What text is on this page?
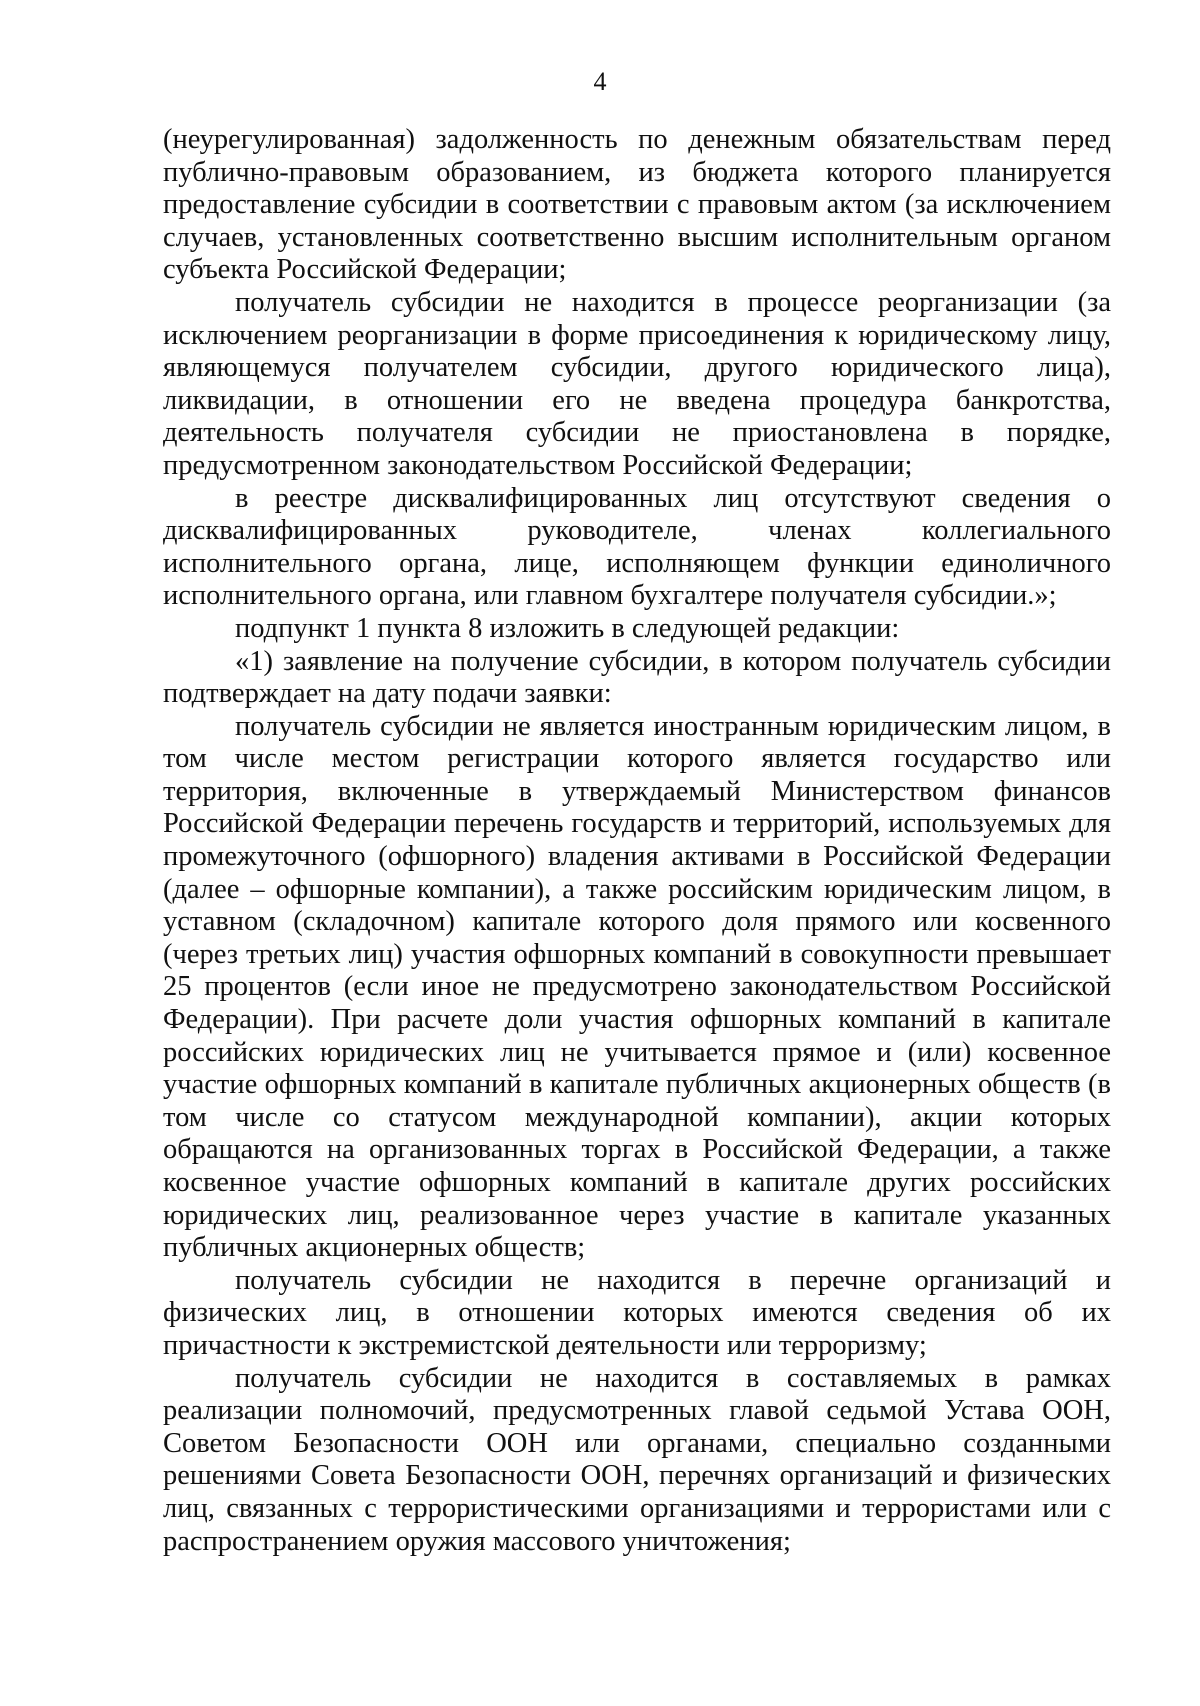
4

(неурегулированная) задолженность по денежным обязательствам перед публично-правовым образованием, из бюджета которого планируется предоставление субсидии в соответствии с правовым актом (за исключением случаев, установленных соответственно высшим исполнительным органом субъекта Российской Федерации;

получатель субсидии не находится в процессе реорганизации (за исключением реорганизации в форме присоединения к юридическому лицу, являющемуся получателем субсидии, другого юридического лица), ликвидации, в отношении его не введена процедура банкротства, деятельность получателя субсидии не приостановлена в порядке, предусмотренном законодательством Российской Федерации;

в реестре дисквалифицированных лиц отсутствуют сведения о дисквалифицированных руководителе, членах коллегиального исполнительного органа, лице, исполняющем функции единоличного исполнительного органа, или главном бухгалтере получателя субсидии.»;

подпункт 1 пункта 8 изложить в следующей редакции:

«1) заявление на получение субсидии, в котором получатель субсидии подтверждает на дату подачи заявки:

получатель субсидии не является иностранным юридическим лицом, в том числе местом регистрации которого является государство или территория, включенные в утверждаемый Министерством финансов Российской Федерации перечень государств и территорий, используемых для промежуточного (офшорного) владения активами в Российской Федерации (далее – офшорные компании), а также российским юридическим лицом, в уставном (складочном) капитале которого доля прямого или косвенного (через третьих лиц) участия офшорных компаний в совокупности превышает 25 процентов (если иное не предусмотрено законодательством Российской Федерации). При расчете доли участия офшорных компаний в капитале российских юридических лиц не учитывается прямое и (или) косвенное участие офшорных компаний в капитале публичных акционерных обществ (в том числе со статусом международной компании), акции которых обращаются на организованных торгах в Российской Федерации, а также косвенное участие офшорных компаний в капитале других российских юридических лиц, реализованное через участие в капитале указанных публичных акционерных обществ;

получатель субсидии не находится в перечне организаций и физических лиц, в отношении которых имеются сведения об их причастности к экстремистской деятельности или терроризму;

получатель субсидии не находится в составляемых в рамках реализации полномочий, предусмотренных главой седьмой Устава ООН, Советом Безопасности ООН или органами, специально созданными решениями Совета Безопасности ООН, перечнях организаций и физических лиц, связанных с террористическими организациями и террористами или с распространением оружия массового уничтожения;
